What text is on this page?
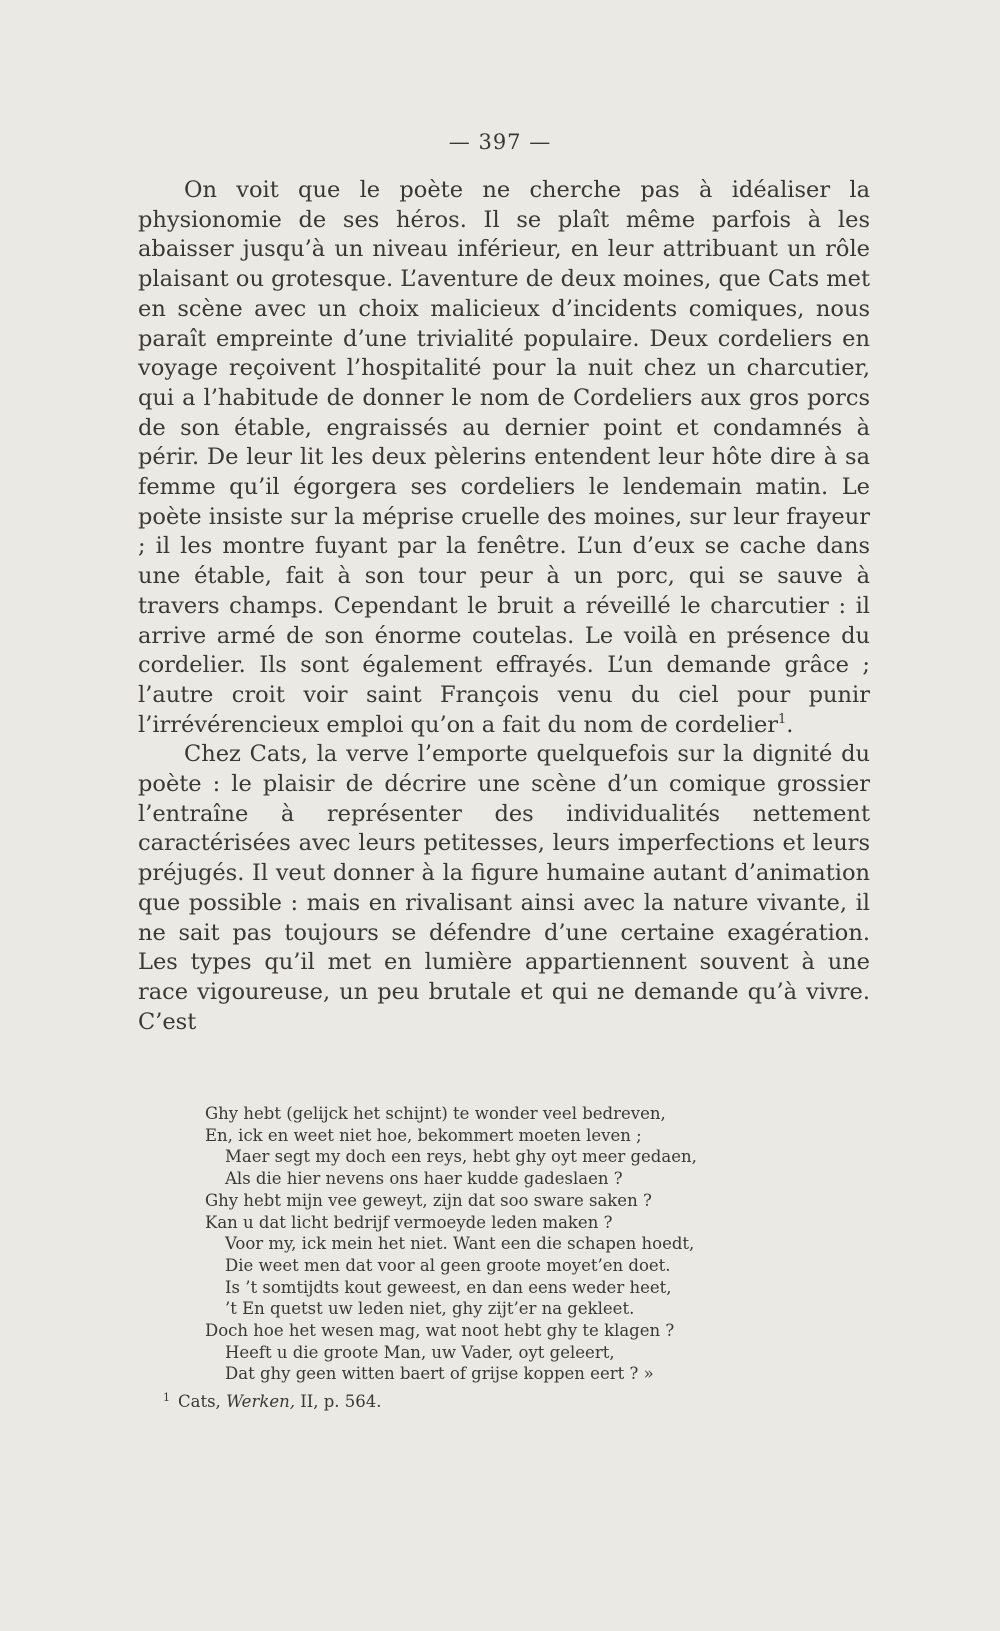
— 397 —

On voit que le poète ne cherche pas à idéaliser la physionomie de ses héros. Il se plaît même parfois à les abaisser jusqu’à un niveau inférieur, en leur attribuant un rôle plaisant ou grotesque. L’aventure de deux moines, que Cats met en scène avec un choix malicieux d’incidents comiques, nous paraît empreinte d’une trivialité populaire. Deux cordeliers en voyage reçoivent l’hospitalité pour la nuit chez un charcutier, qui a l’habitude de donner le nom de Cordeliers aux gros porcs de son étable, engraissés au dernier point et condamnés à périr. De leur lit les deux pèlerins entendent leur hôte dire à sa femme qu’il égorgera ses cordeliers le lendemain matin. Le poète insiste sur la méprise cruelle des moines, sur leur frayeur ; il les montre fuyant par la fenêtre. L’un d’eux se cache dans une étable, fait à son tour peur à un porc, qui se sauve à travers champs. Cependant le bruit a réveillé le charcutier : il arrive armé de son énorme coutelas. Le voilà en présence du cordelier. Ils sont également effrayés. L’un demande grâce ; l’autre croit voir saint François venu du ciel pour punir l’irrévérencieux emploi qu’on a fait du nom de cordelier$^1$.

Chez Cats, la verve l’emporte quelquefois sur la dignité du poète : le plaisir de décrire une scène d’un comique grossier l’entraîne à représenter des individualités nettement caractérisées avec leurs petitesses, leurs imperfections et leurs préjugés. Il veut donner à la figure humaine autant d’animation que possible : mais en rivalisant ainsi avec la nature vivante, il ne sait pas toujours se défendre d’une certaine exagération. Les types qu’il met en lumière appartiennent souvent à une race vigoureuse, un peu brutale et qui ne demande qu’à vivre. C’est

Ghy hebt (gelijck het schijnt) te wonder veel bedreven,
En, ick en weet niet hoe, bekommert moeten leven ;
Maer segt my doch een reys, hebt ghy oyt meer gedaen,
Als die hier nevens ons haer kudde gadeslaen ?
Ghy hebt mijn vee geweyt, zijn dat soo sware saken ?
Kan u dat licht bedrijf vermoeyde leden maken ?
Voor my, ick mein het niet. Want een die schapen hoedt,
Die weet men dat voor al geen groote moyet’en doet.
Is ’t somtijdts kout geweest, en dan eens weder heet,
’t En quetst uw leden niet, ghy zijt’er na gekleet.
Doch hoe het wesen mag, wat noot hebt ghy te klagen ?
Heeft u die groote Man, uw Vader, oyt geleert,
Dat ghy geen witten baert of grijse koppen eert ? »
$^1$ Cats, Werken, II, p. 564.
